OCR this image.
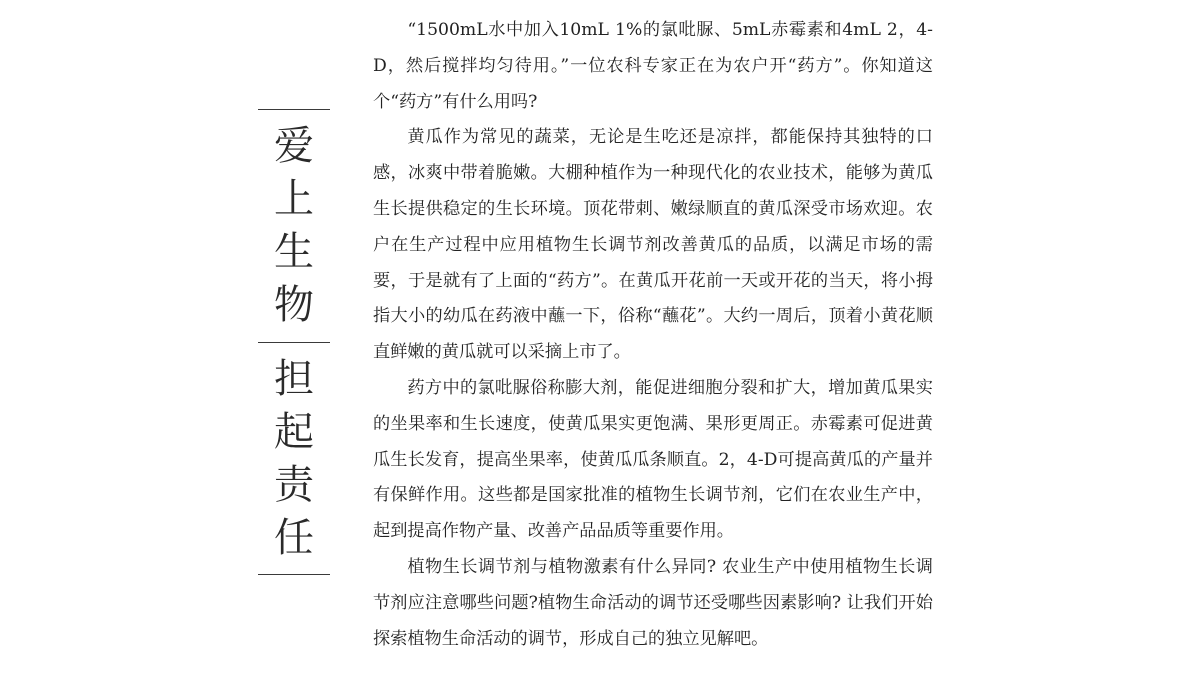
爱
上
生
物
担
起
责
任

“1500mL水中加入10mL 1%的氯吡脲、5mL赤霉素和4mL 2，4-D，然后搅拌均匀待用。”一位农科专家正在为农户开“药方”。你知道这个“药方”有什么用吗?

黄瓜作为常见的蔬菜，无论是生吃还是凉拌，都能保持其独特的口感，冰爽中带着脆嫩。大棚种植作为一种现代化的农业技术，能够为黄瓜生长提供稳定的生长环境。顶花带刺、嫩绿顺直的黄瓜深受市场欢迎。农户在生产过程中应用植物生长调节剂改善黄瓜的品质，以满足市场的需要，于是就有了上面的“药方”。在黄瓜开花前一天或开花的当天，将小拇指大小的幼瓜在药液中蘸一下，俗称“蘸花”。大约一周后，顶着小黄花顺直鲜嫩的黄瓜就可以采摘上市了。

药方中的氯吡脲俗称膨大剂，能促进细胞分裂和扩大，增加黄瓜果实的坐果率和生长速度，使黄瓜果实更饱满、果形更周正。赤霉素可促进黄瓜生长发育，提高坐果率，使黄瓜瓜条顺直。2，4-D可提高黄瓜的产量并有保鲜作用。这些都是国家批准的植物生长调节剂，它们在农业生产中，起到提高作物产量、改善产品品质等重要作用。

植物生长调节剂与植物激素有什么异同? 农业生产中使用植物生长调节剂应注意哪些问题?植物生命活动的调节还受哪些因素影响? 让我们开始探索植物生命活动的调节，形成自己的独立见解吧。
